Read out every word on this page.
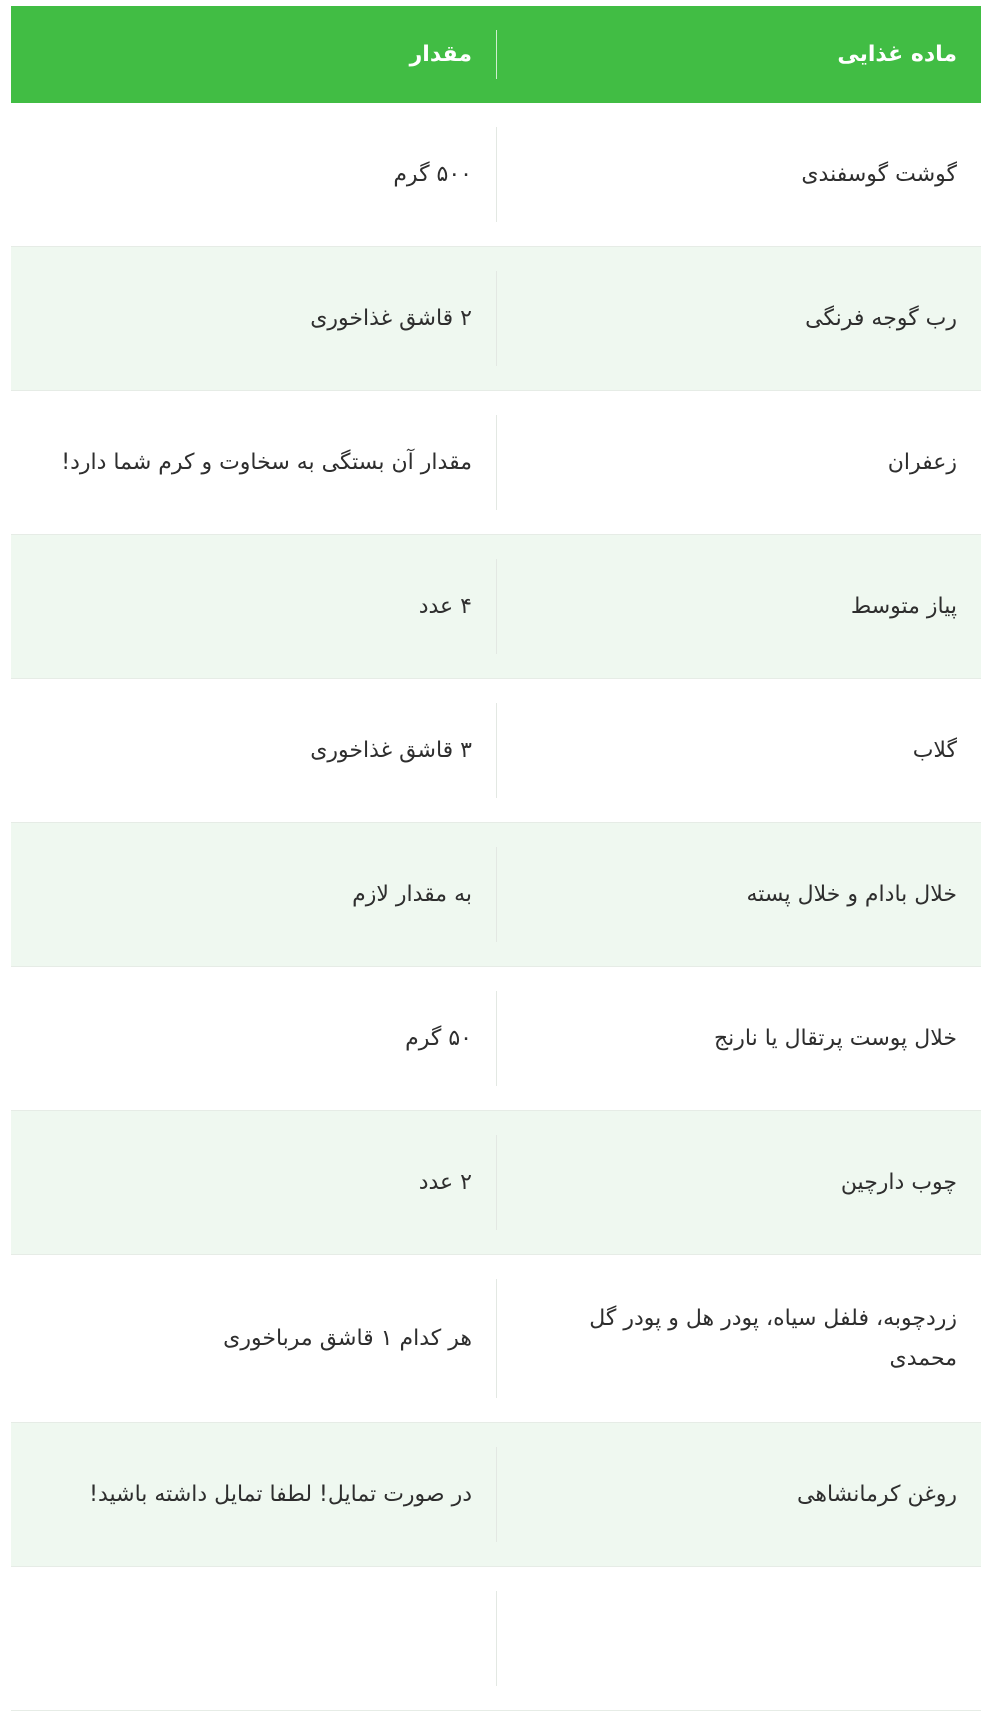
ماده غذایی
مقدار
گوشت گوسفندی
۵۰۰ گرم
رب گوجه فرنگی
۲ قاشق غذاخوری
زعفران
مقدار آن بستگی به سخاوت و کرم شما دارد!
پیاز متوسط
۴ عدد
گلاب
۳ قاشق غذاخوری
خلال بادام و خلال پسته
به مقدار لازم
خلال پوست پرتقال یا نارنج
۵۰ گرم
چوب دارچین
۲ عدد
زردچوبه، فلفل سیاه، پودر هل و پودر گل محمدی
هر کدام ۱ قاشق مرباخوری
روغن کرمانشاهی
در صورت تمایل! لطفا تمایل داشته باشید!
